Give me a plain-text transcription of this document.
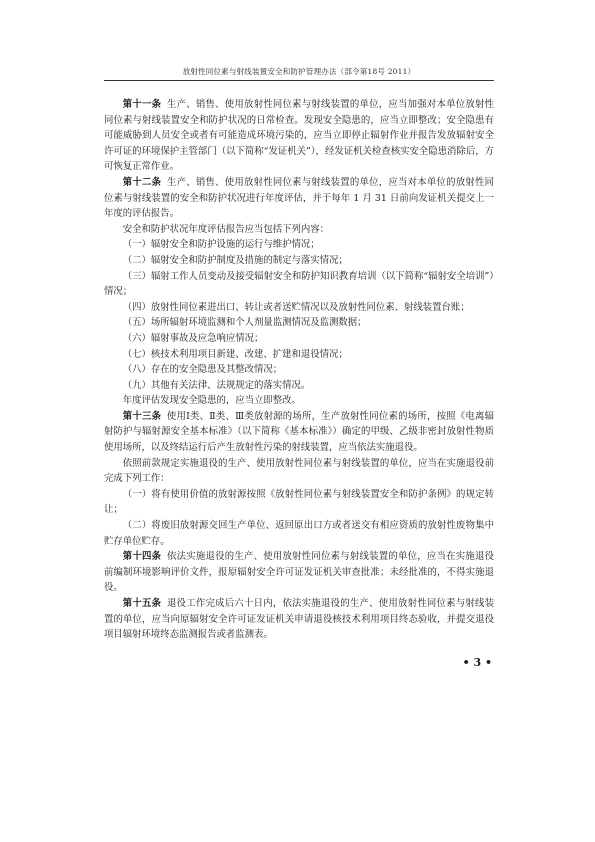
放射性同位素与射线装置安全和防护管理办法（部令第18号 2011）

第十一条 生产、销售、使用放射性同位素与射线装置的单位，应当加强对本单位放射性同位素与射线装置安全和防护状况的日常检查。发现安全隐患的，应当立即整改；安全隐患有可能威胁到人员安全或者有可能造成环境污染的，应当立即停止辐射作业并报告发放辐射安全许可证的环境保护主管部门（以下简称“发证机关”），经发证机关检查核实安全隐患消除后，方可恢复正常作业。

第十二条 生产、销售、使用放射性同位素与射线装置的单位，应当对本单位的放射性同位素与射线装置的安全和防护状况进行年度评估，并于每年 1 月 31 日前向发证机关提交上一年度的评估报告。

安全和防护状况年度评估报告应当包括下列内容：

（一）辐射安全和防护设施的运行与维护情况；

（二）辐射安全和防护制度及措施的制定与落实情况；

（三）辐射工作人员变动及接受辐射安全和防护知识教育培训（以下简称“辐射安全培训”）情况；

（四）放射性同位素进出口、转让或者送贮情况以及放射性同位素、射线装置台账；

（五）场所辐射环境监测和个人剂量监测情况及监测数据；

（六）辐射事故及应急响应情况；

（七）核技术利用项目新建、改建、扩建和退役情况；

（八）存在的安全隐患及其整改情况；

（九）其他有关法律、法规规定的落实情况。

年度评估发现安全隐患的，应当立即整改。

第十三条 使用Ⅰ类、Ⅱ类、Ⅲ类放射源的场所，生产放射性同位素的场所，按照《电离辐射防护与辐射源安全基本标准》（以下简称《基本标准》）确定的甲级、乙级非密封放射性物质使用场所，以及终结运行后产生放射性污染的射线装置，应当依法实施退役。

依照前款规定实施退役的生产、使用放射性同位素与射线装置的单位，应当在实施退役前完成下列工作：

（一）将有使用价值的放射源按照《放射性同位素与射线装置安全和防护条例》的规定转让；

（二）将废旧放射源交回生产单位、返回原出口方或者送交有相应资质的放射性废物集中贮存单位贮存。

第十四条 依法实施退役的生产、使用放射性同位素与射线装置的单位，应当在实施退役前编制环境影响评价文件，报原辐射安全许可证发证机关审查批准；未经批准的，不得实施退役。

第十五条 退役工作完成后六十日内，依法实施退役的生产、使用放射性同位素与射线装置的单位，应当向原辐射安全许可证发证机关申请退役核技术利用项目终态验收，并提交退役项目辐射环境终态监测报告或者监测表。

• 3 •
